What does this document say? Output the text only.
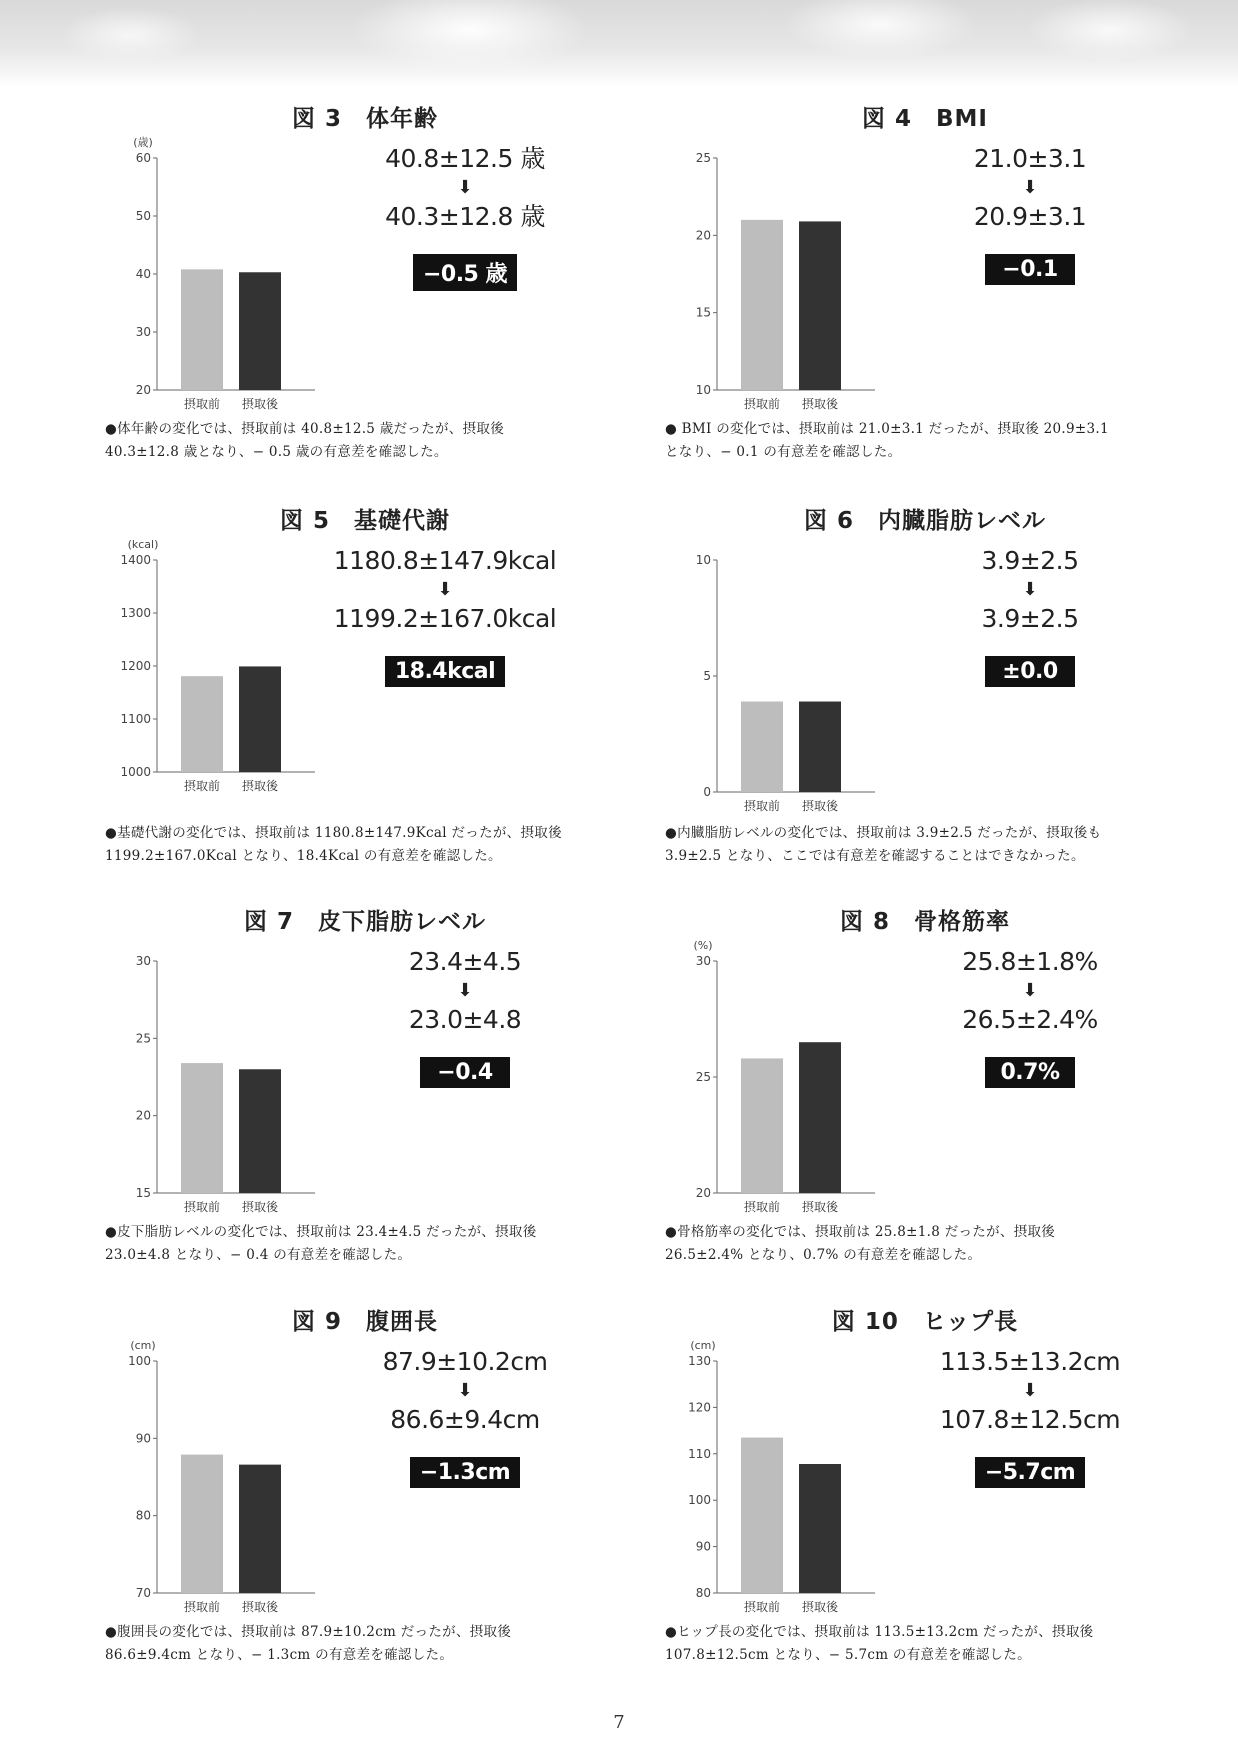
図 3　体年齢
(歳)
20
30
40
50
60
摂取前 摂取後
40.8±12.5 歳
⬇
40.3±12.8 歳
−0.5 歳
●体年齢の変化では、摂取前は 40.8±12.5 歳だったが、摂取後 40.3±12.8 歳となり、− 0.5 歳の有意差を確認した。
図 4　BMI
10
15
20
25
摂取前 摂取後
21.0±3.1
⬇
20.9±3.1
−0.1
● BMI の変化では、摂取前は 21.0±3.1 だったが、摂取後 20.9±3.1 となり、− 0.1 の有意差を確認した。
図 5　基礎代謝
(kcal)
1000
1100
1200
1300
1400
摂取前 摂取後
1180.8±147.9kcal
⬇
1199.2±167.0kcal
18.4kcal
●基礎代謝の変化では、摂取前は 1180.8±147.9Kcal だったが、摂取後 1199.2±167.0Kcal となり、18.4Kcal の有意差を確認した。
図 6　内臓脂肪レベル
0
5
10
摂取前 摂取後
3.9±2.5
⬇
3.9±2.5
±0.0
●内臓脂肪レベルの変化では、摂取前は 3.9±2.5 だったが、摂取後も 3.9±2.5 となり、ここでは有意差を確認することはできなかった。
図 7　皮下脂肪レベル
15
20
25
30
摂取前 摂取後
23.4±4.5
⬇
23.0±4.8
−0.4
●皮下脂肪レベルの変化では、摂取前は 23.4±4.5 だったが、摂取後 23.0±4.8 となり、− 0.4 の有意差を確認した。
図 8　骨格筋率
(%)
20
25
30
摂取前 摂取後
25.8±1.8%
⬇
26.5±2.4%
0.7%
●骨格筋率の変化では、摂取前は 25.8±1.8 だったが、摂取後 26.5±2.4% となり、0.7% の有意差を確認した。
図 9　腹囲長
(cm)
70
80
90
100
摂取前 摂取後
87.9±10.2cm
⬇
86.6±9.4cm
−1.3cm
●腹囲長の変化では、摂取前は 87.9±10.2cm だったが、摂取後 86.6±9.4cm となり、− 1.3cm の有意差を確認した。
図 10　ヒップ長
(cm)
80
90
100
110
120
130
摂取前 摂取後
113.5±13.2cm
⬇
107.8±12.5cm
−5.7cm
●ヒップ長の変化では、摂取前は 113.5±13.2cm だったが、摂取後 107.8±12.5cm となり、− 5.7cm の有意差を確認した。
7
